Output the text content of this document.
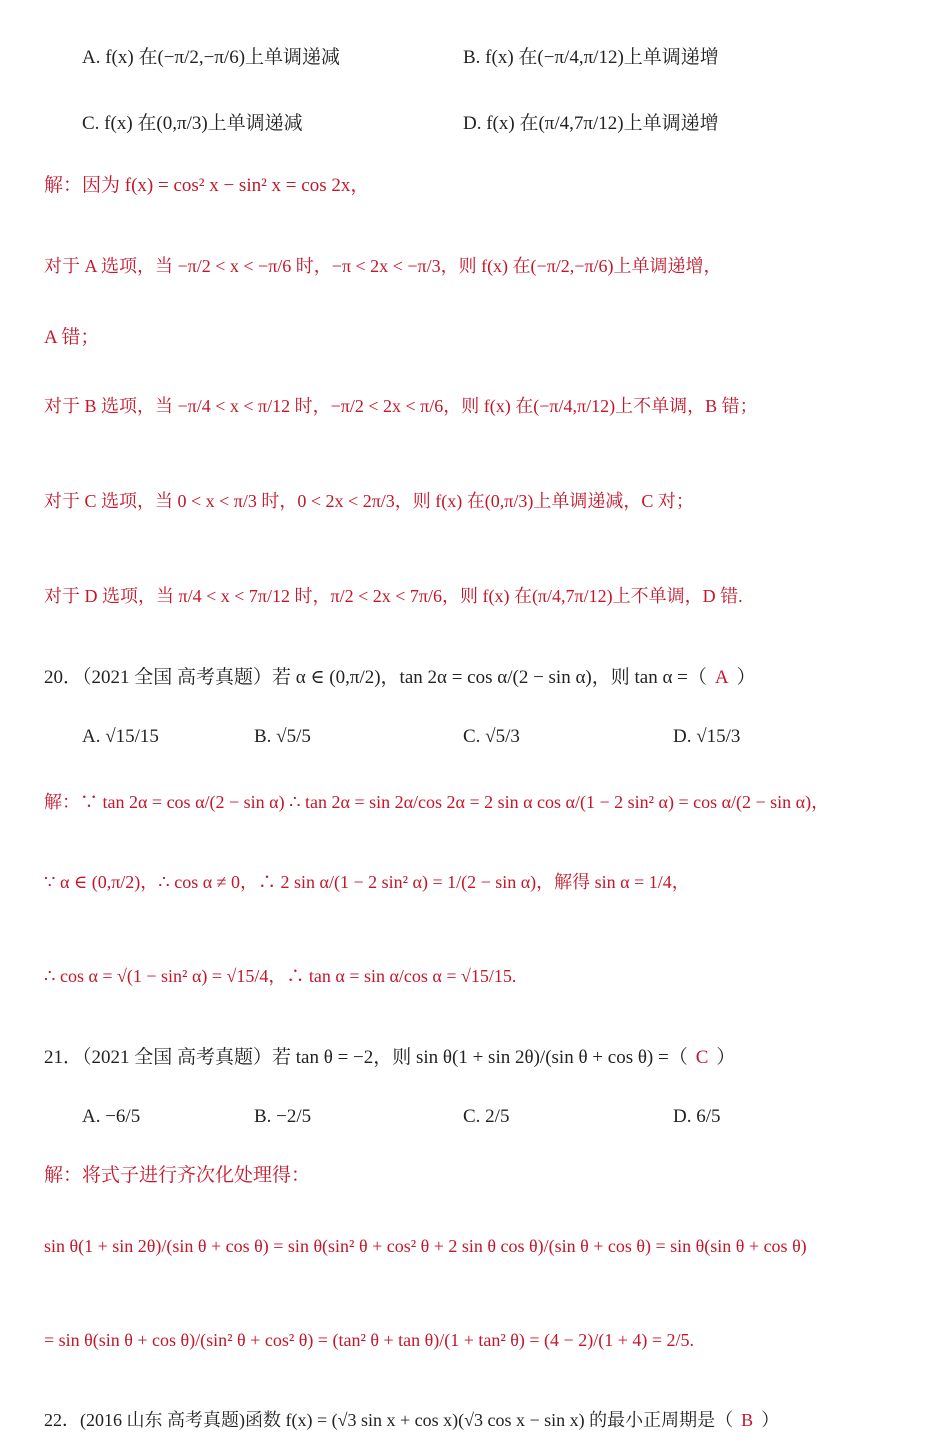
A. f(x) 在(−π/2,−π/6)上单调递减	B. f(x) 在(−π/4,π/12)上单调递增
C. f(x) 在(0,π/3)上单调递减	D. f(x) 在(π/4,7π/12)上单调递增
解：因为 f(x) = cos² x − sin² x = cos 2x，
对于 A 选项，当 −π/2 < x < −π/6 时，−π < 2x < −π/3，则 f(x) 在(−π/2,−π/6)上单调递增，
A 错；
对于 B 选项，当 −π/4 < x < π/12 时，−π/2 < 2x < π/6，则 f(x) 在(−π/4,π/12)上不单调，B 错；
对于 C 选项，当 0 < x < π/3 时，0 < 2x < 2π/3，则 f(x) 在(0,π/3)上单调递减，C 对；
对于 D 选项，当 π/4 < x < 7π/12 时，π/2 < 2x < 7π/6，则 f(x) 在(π/4,7π/12)上不单调，D 错.
20．（2021 全国 高考真题）若 α ∈ (0,π/2)，tan 2α = cos α/(2 − sin α)，则 tan α =（ A ）
A. √15/15	B. √5/5	C. √5/3	D. √15/3
解：∵ tan 2α = cos α/(2 − sin α) ∴ tan 2α = sin 2α/cos 2α = 2 sin α cos α/(1 − 2 sin² α) = cos α/(2 − sin α)，
∵ α ∈ (0,π/2)，∴ cos α ≠ 0，∴ 2 sin α/(1 − 2 sin² α) = 1/(2 − sin α)，解得 sin α = 1/4，
∴ cos α = √(1 − sin² α) = √15/4，∴ tan α = sin α/cos α = √15/15.
21．（2021 全国 高考真题）若 tan θ = −2，则 sin θ(1 + sin 2θ)/(sin θ + cos θ) =（ C ）
A. −6/5	B. −2/5	C. 2/5	D. 6/5
解：将式子进行齐次化处理得：
sin θ(1 + sin 2θ)/(sin θ + cos θ) = sin θ(sin² θ + cos² θ + 2 sin θ cos θ)/(sin θ + cos θ) = sin θ(sin θ + cos θ)
= sin θ(sin θ + cos θ)/(sin² θ + cos² θ) = (tan² θ + tan θ)/(1 + tan² θ) = (4 − 2)/(1 + 4) = 2/5.
22．(2016 山东 高考真题)函数 f(x) = (√3 sin x + cos x)(√3 cos x − sin x) 的最小正周期是（ B ）
